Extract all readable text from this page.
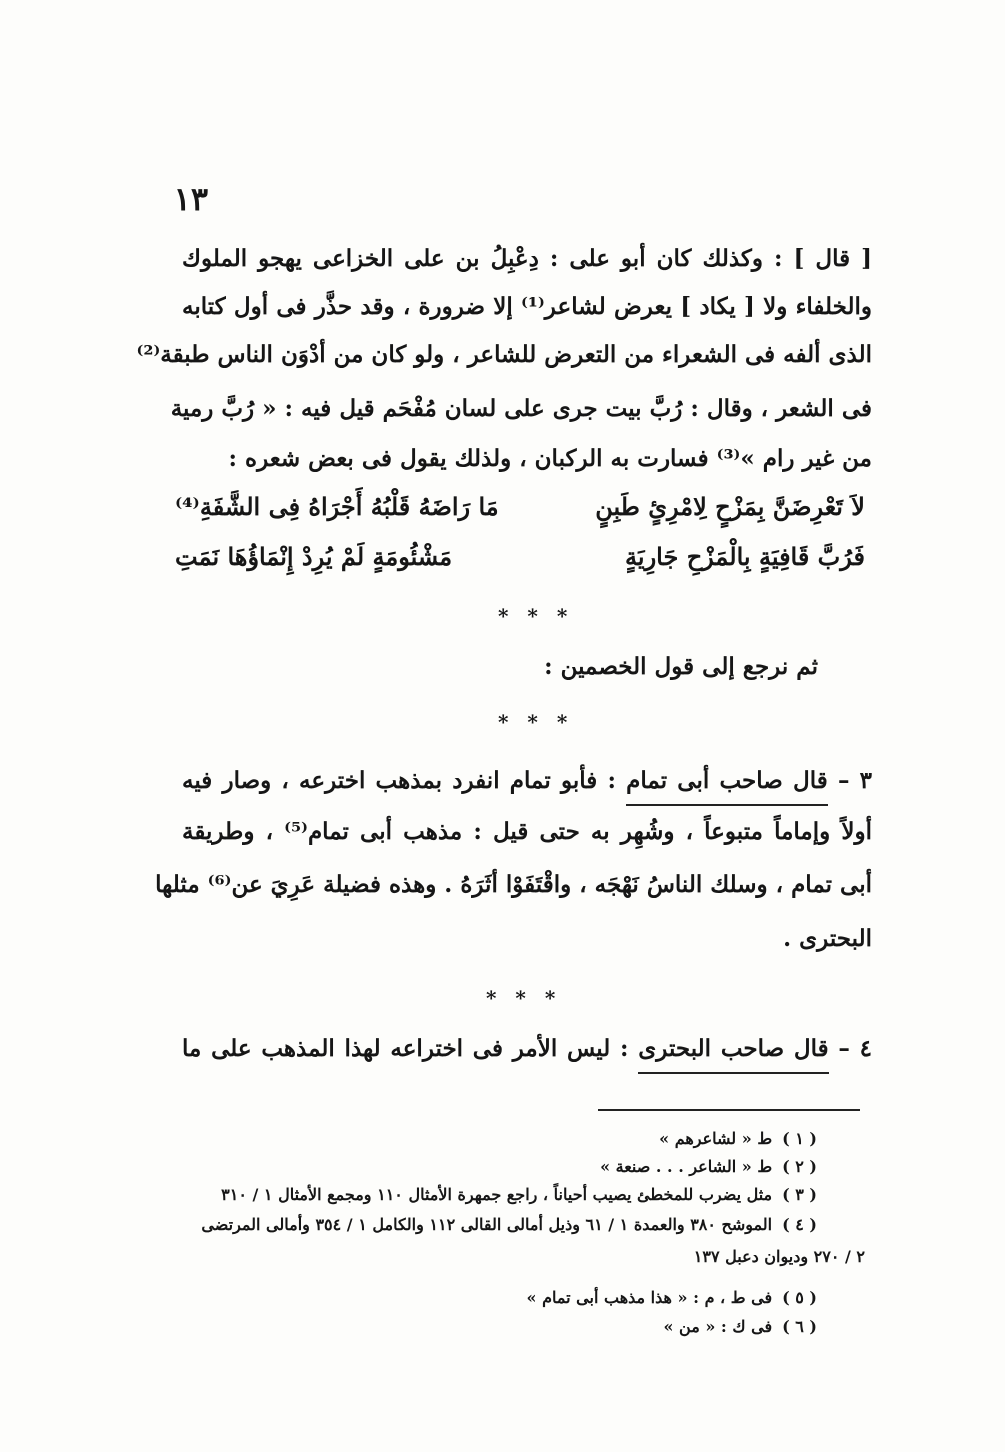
١٣
[ قال ] : وكذلك كان أبو على : دِعْبِلُ بن على الخزاعى يهجو الملوك
والخلفاء ولا [ يكاد ] يعرض لشاعر⁽¹⁾ إلا ضرورة ، وقد حذَّر فى أول كتابه
الذى ألفه فى الشعراء من التعرض للشاعر ، ولو كان من أدْوَن الناس طبقة⁽²⁾
فى الشعر ، وقال : رُبَّ بيت جرى على لسان مُفْحَم قيل فيه : « رُبَّ رمية
من غير رام »⁽³⁾ فسارت به الركبان ، ولذلك يقول فى بعض شعره :
لاَ تَعْرِضَنَّ بِمَزْحٍ لِامْرِئٍ طَبِنٍ
مَا رَاضَهُ قَلْبُهُ أَجْرَاهُ فِى الشَّفَةِ⁽⁴⁾
فَرُبَّ قَافِيَةٍ بِالْمَزْحِ جَارِيَةٍ
مَشْئُومَةٍ لَمْ يُرِدْ إِنْمَاؤُهَا نَمَتِ
* * *
ثم نرجع إلى قول الخصمين :
* * *
٣ – قال صاحب أبى تمام : فأبو تمام انفرد بمذهب اخترعه ، وصار فيه
أولاً وإماماً متبوعاً ، وشُهِر به حتى قيل : مذهب أبى تمام⁽⁵⁾ ، وطريقة
أبى تمام ، وسلك الناسُ نَهْجَه ، واقْتَفَوْا أثَرَهُ . وهذه فضيلة عَرِيَ عن⁽⁶⁾ مثلها
البحترى .
* * *
٤ – قال صاحب البحترى : ليس الأمر فى اختراعه لهذا المذهب على ما
( ١ )ط « لشاعرهم »
( ٢ )ط « الشاعر . . . صنعة »
( ٣ )مثل يضرب للمخطئ يصيب أحياناً ، راجع جمهرة الأمثال ١١٠ ومجمع الأمثال ١ / ٣١٠
( ٤ )الموشح ٣٨٠ والعمدة ١ / ٦١ وذيل أمالى القالى ١١٢ والكامل ١ / ٣٥٤ وأمالى المرتضى
٢ / ٢٧٠ وديوان دعبل ١٣٧
( ٥ )فى ط ، م : « هذا مذهب أبى تمام »
( ٦ )فى ك : « من »
